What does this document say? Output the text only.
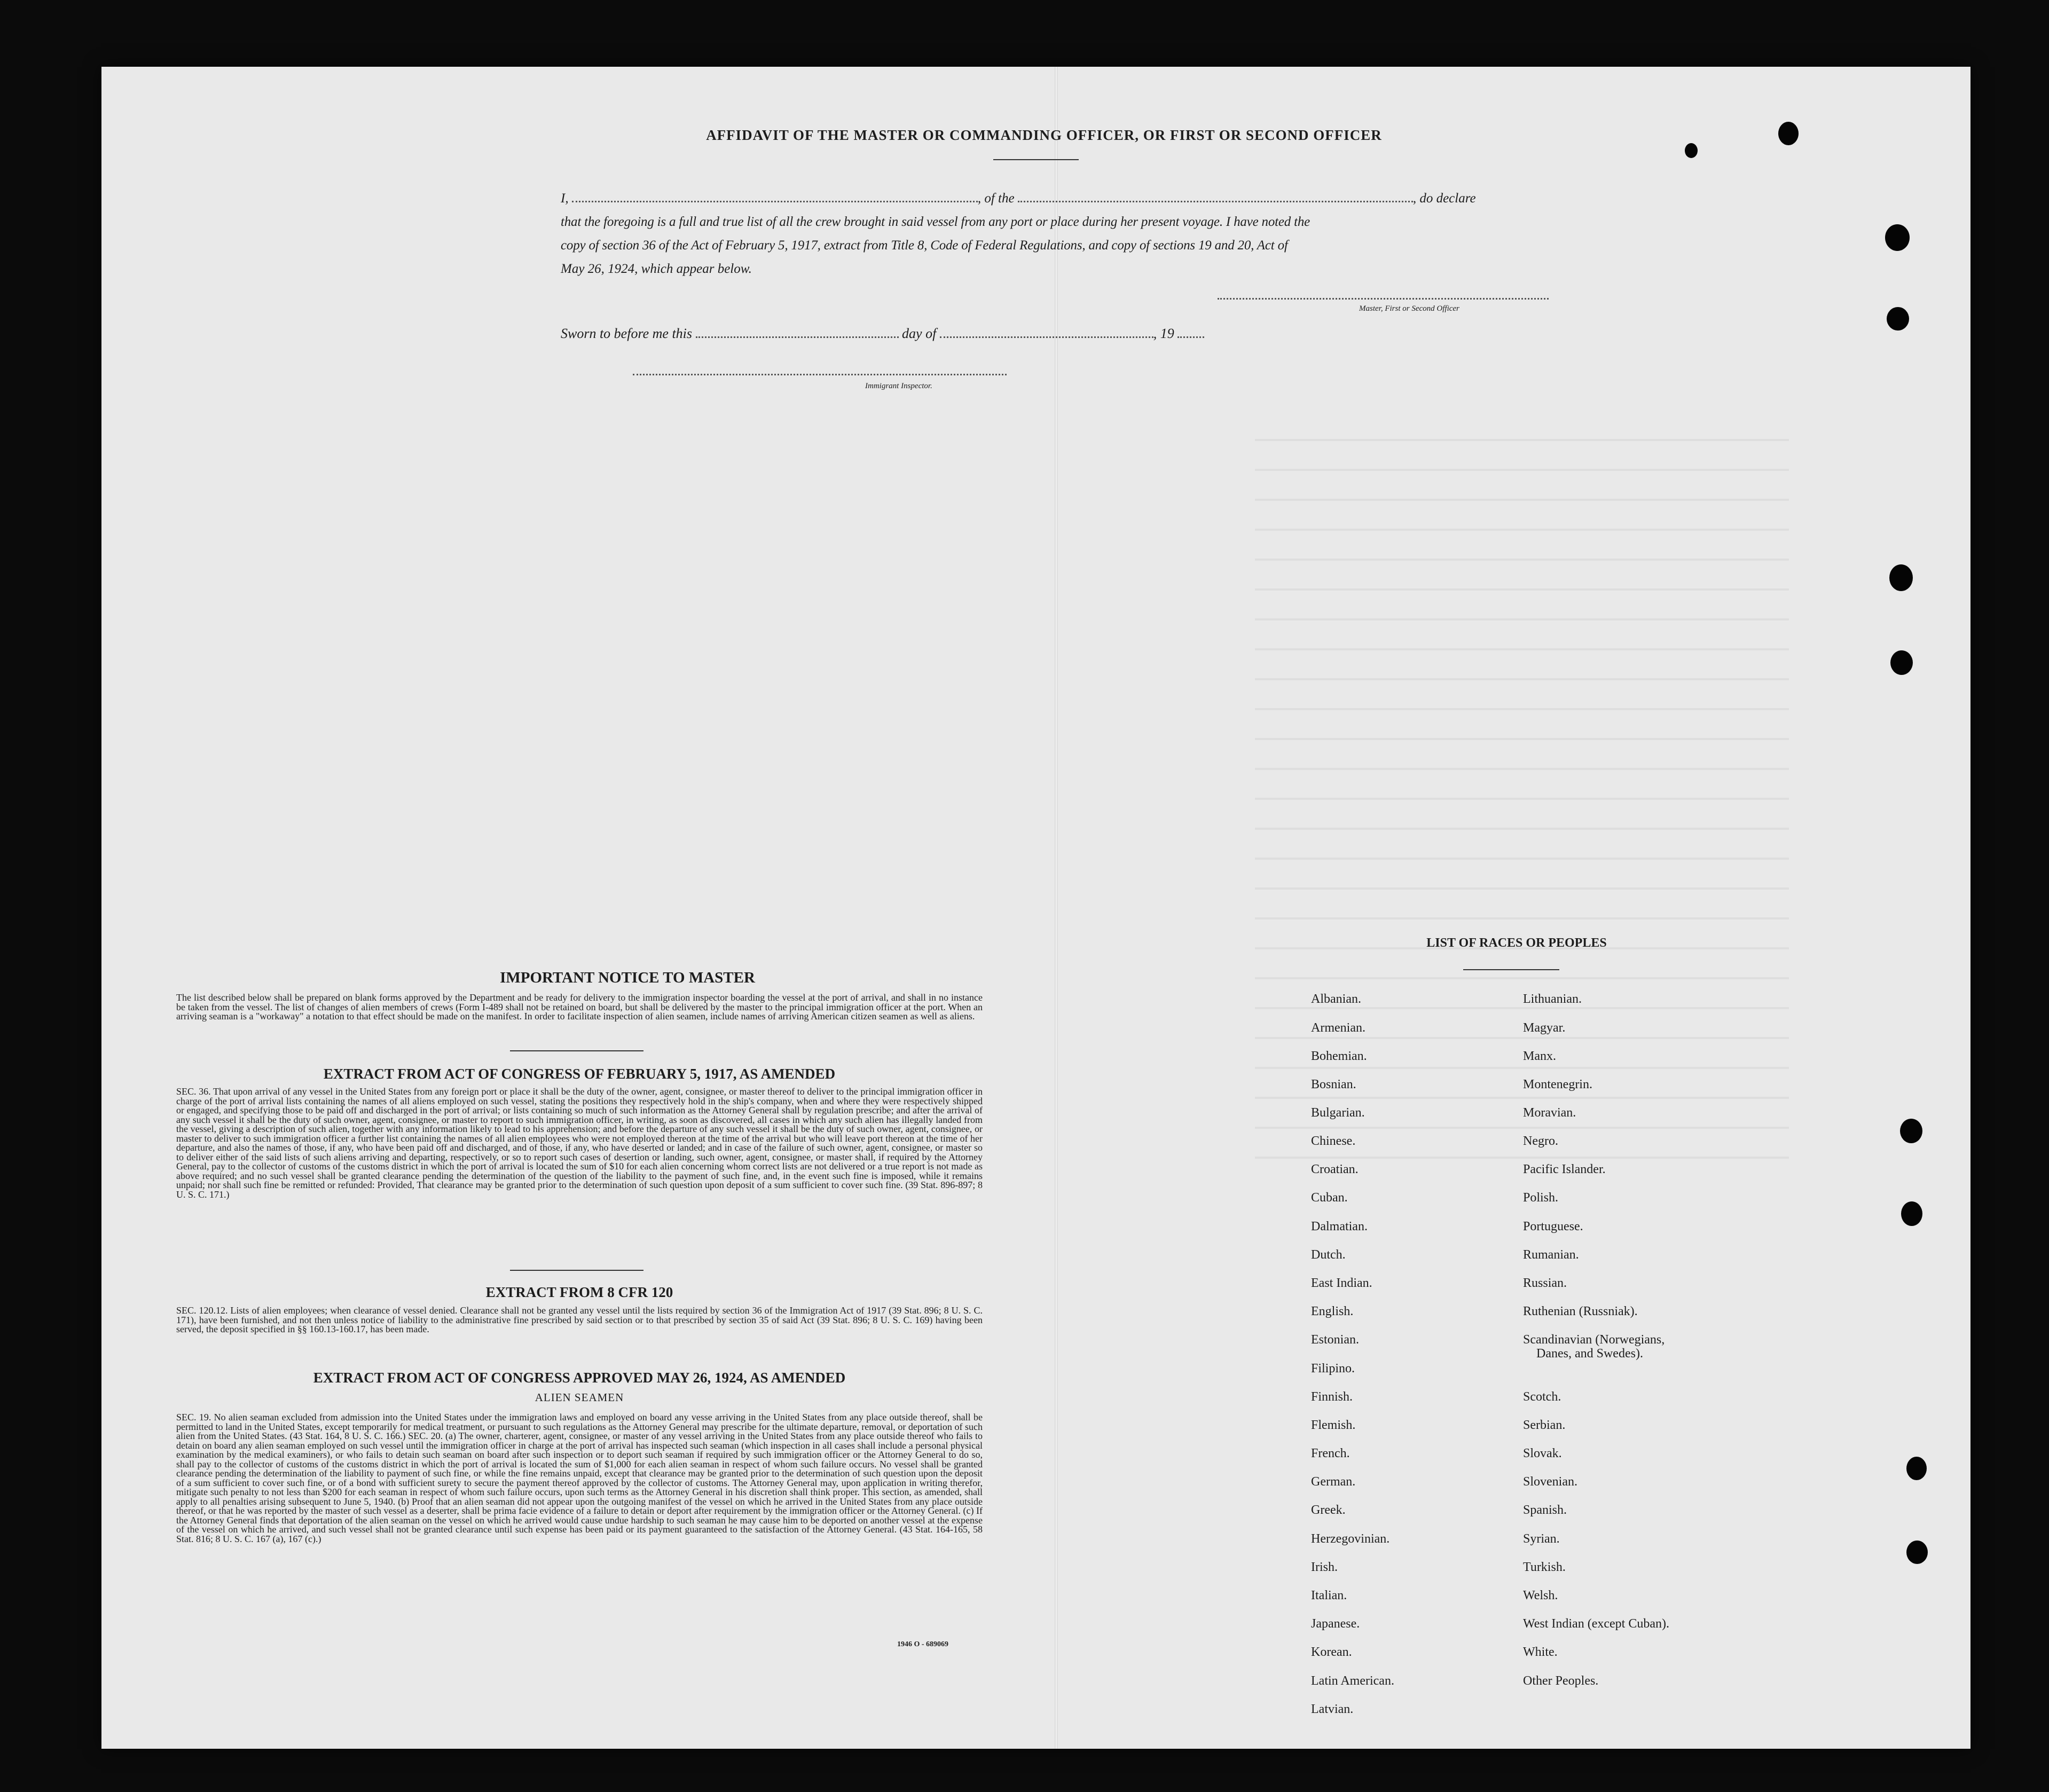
AFFIDAVIT OF THE MASTER OR COMMANDING OFFICER, OR FIRST OR SECOND OFFICER
I,	, of the	, do declare
that the foregoing is a full and true list of all the crew brought in said vessel from any port or place during her present voyage. I have noted the
copy of section 36 of the Act of February 5, 1917, extract from Title 8, Code of Federal Regulations, and copy of sections 19 and 20, Act of
May 26, 1924, which appear below.
Master, First or Second Officer
Sworn to before me this	day of	, 19
Immigrant Inspector.
IMPORTANT NOTICE TO MASTER
The list described below shall be prepared on blank forms approved by the Department and be ready for delivery to the immigration inspector boarding the vessel at the port of arrival, and shall in no instance be taken from the vessel. The list of changes of alien members of crews (Form I-489 shall not be retained on board, but shall be delivered by the master to the principal immigration officer at the port. When an arriving seaman is a "workaway" a notation to that effect should be made on the manifest. In order to facilitate inspection of alien seamen, include names of arriving American citizen seamen as well as aliens.
EXTRACT FROM ACT OF CONGRESS OF FEBRUARY 5, 1917, AS AMENDED
SEC. 36. That upon arrival of any vessel in the United States from any foreign port or place it shall be the duty of the owner, agent, consignee, or master thereof to deliver to the principal immigration officer in charge of the port of arrival lists containing the names of all aliens employed on such vessel, stating the positions they respectively hold in the ship's company, when and where they were respectively shipped or engaged, and specifying those to be paid off and discharged in the port of arrival; or lists containing so much of such information as the Attorney General shall by regulation prescribe; and after the arrival of any such vessel it shall be the duty of such owner, agent, consignee, or master to report to such immigration officer, in writing, as soon as discovered, all cases in which any such alien has illegally landed from the vessel, giving a description of such alien, together with any information likely to lead to his apprehension; and before the departure of any such vessel it shall be the duty of such owner, agent, consignee, or master to deliver to such immigration officer a further list containing the names of all alien employees who were not employed thereon at the time of the arrival but who will leave port thereon at the time of her departure, and also the names of those, if any, who have been paid off and discharged, and of those, if any, who have deserted or landed; and in case of the failure of such owner, agent, consignee, or master so to deliver either of the said lists of such aliens arriving and departing, respectively, or so to report such cases of desertion or landing, such owner, agent, consignee, or master shall, if required by the Attorney General, pay to the collector of customs of the customs district in which the port of arrival is located the sum of $10 for each alien concerning whom correct lists are not delivered or a true report is not made as above required; and no such vessel shall be granted clearance pending the determination of the question of the liability to the payment of such fine, and, in the event such fine is imposed, while it remains unpaid; nor shall such fine be remitted or refunded: Provided, That clearance may be granted prior to the determination of such question upon deposit of a sum sufficient to cover such fine. (39 Stat. 896-897; 8 U. S. C. 171.)
EXTRACT FROM 8 CFR 120
SEC. 120.12. Lists of alien employees; when clearance of vessel denied. Clearance shall not be granted any vessel until the lists required by section 36 of the Immigration Act of 1917 (39 Stat. 896; 8 U. S. C. 171), have been furnished, and not then unless notice of liability to the administrative fine prescribed by said section or to that prescribed by section 35 of said Act (39 Stat. 896; 8 U. S. C. 169) having been served, the deposit specified in §§ 160.13-160.17, has been made.
EXTRACT FROM ACT OF CONGRESS APPROVED MAY 26, 1924, AS AMENDED
ALIEN SEAMEN
SEC. 19. No alien seaman excluded from admission into the United States under the immigration laws and employed on board any vesse arriving in the United States from any place outside thereof, shall be permitted to land in the United States, except temporarily for medical treatment, or pursuant to such regulations as the Attorney General may prescribe for the ultimate departure, removal, or deportation of such alien from the United States. (43 Stat. 164, 8 U. S. C. 166.) SEC. 20. (a) The owner, charterer, agent, consignee, or master of any vessel arriving in the United States from any place outside thereof who fails to detain on board any alien seaman employed on such vessel until the immigration officer in charge at the port of arrival has inspected such seaman (which inspection in all cases shall include a personal physical examination by the medical examiners), or who fails to detain such seaman on board after such inspection or to deport such seaman if required by such immigration officer or the Attorney General to do so, shall pay to the collector of customs of the customs district in which the port of arrival is located the sum of $1,000 for each alien seaman in respect of whom such failure occurs. No vessel shall be granted clearance pending the determination of the liability to payment of such fine, or while the fine remains unpaid, except that clearance may be granted prior to the determination of such question upon the deposit of a sum sufficient to cover such fine, or of a bond with sufficient surety to secure the payment thereof approved by the collector of customs. The Attorney General may, upon application in writing therefor, mitigate such penalty to not less than $200 for each seaman in respect of whom such failure occurs, upon such terms as the Attorney General in his discretion shall think proper. This section, as amended, shall apply to all penalties arising subsequent to June 5, 1940. (b) Proof that an alien seaman did not appear upon the outgoing manifest of the vessel on which he arrived in the United States from any place outside thereof, or that he was reported by the master of such vessel as a deserter, shall be prima facie evidence of a failure to detain or deport after requirement by the immigration officer or the Attorney General. (c) If the Attorney General finds that deportation of the alien seaman on the vessel on which he arrived would cause undue hardship to such seaman he may cause him to be deported on another vessel at the expense of the vessel on which he arrived, and such vessel shall not be granted clearance until such expense has been paid or its payment guaranteed to the satisfaction of the Attorney General. (43 Stat. 164-165, 58 Stat. 816; 8 U. S. C. 167 (a), 167 (c).)
1946 O - 689069
LIST OF RACES OR PEOPLES
Albanian.
Armenian.
Bohemian.
Bosnian.
Bulgarian.
Chinese.
Croatian.
Cuban.
Dalmatian.
Dutch.
East Indian.
English.
Estonian.
Filipino.
Finnish.
Flemish.
French.
German.
Greek.
Herzegovinian.
Irish.
Italian.
Japanese.
Korean.
Latin American.
Latvian.
Lithuanian.
Magyar.
Manx.
Montenegrin.
Moravian.
Negro.
Pacific Islander.
Polish.
Portuguese.
Rumanian.
Russian.
Ruthenian (Russniak).
Scandinavian (Norwegians,
Danes, and Swedes).
Scotch.
Serbian.
Slovak.
Slovenian.
Spanish.
Syrian.
Turkish.
Welsh.
West Indian (except Cuban).
White.
Other Peoples.
